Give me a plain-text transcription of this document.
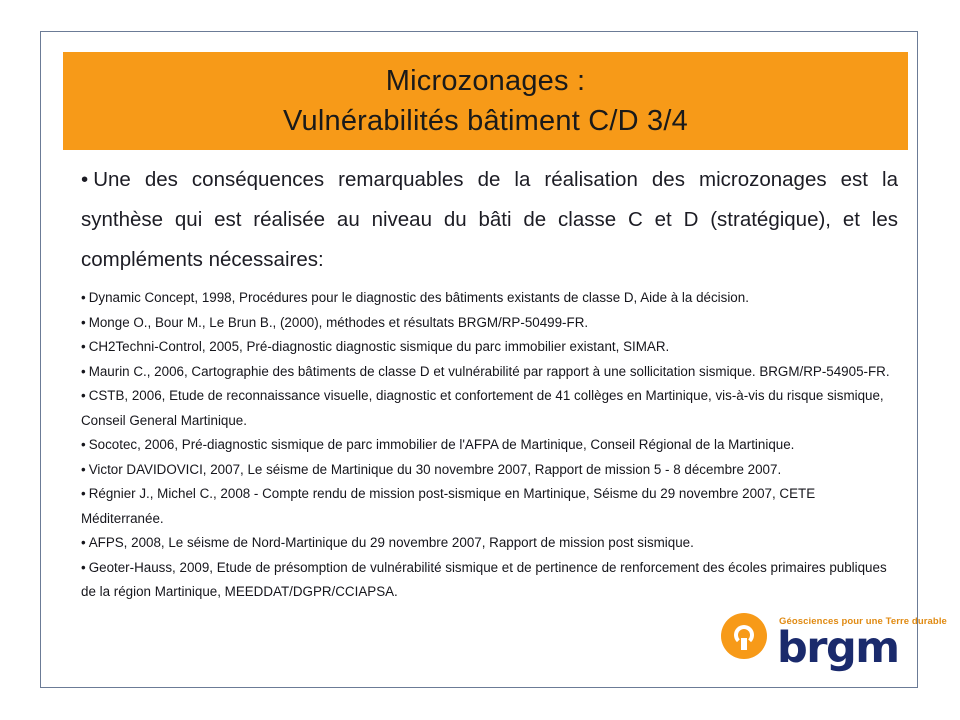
Microzonages :
Vulnérabilités bâtiment C/D 3/4

• Une des conséquences remarquables de la réalisation des microzonages est la synthèse qui est réalisée au niveau du bâti de classe C et D (stratégique), et les compléments nécessaires:

• Dynamic Concept, 1998, Procédures pour le diagnostic des bâtiments existants de classe D, Aide à la décision.

• Monge O., Bour M., Le Brun B., (2000), méthodes et résultats BRGM/RP-50499-FR.

• CH2Techni-Control, 2005, Pré-diagnostic diagnostic sismique du parc immobilier existant, SIMAR.

• Maurin C., 2006, Cartographie des bâtiments de classe D et vulnérabilité par rapport à une sollicitation sismique. BRGM/RP-54905-FR.

• CSTB, 2006, Etude de reconnaissance visuelle, diagnostic et confortement de 41 collèges en Martinique, vis-à-vis du risque sismique, Conseil General Martinique.

• Socotec, 2006, Pré-diagnostic sismique de parc immobilier de l'AFPA de Martinique, Conseil Régional de la Martinique.

• Victor DAVIDOVICI, 2007, Le séisme de Martinique du 30 novembre 2007, Rapport de mission 5 - 8 décembre 2007.

• Régnier J., Michel C., 2008 - Compte rendu de mission post-sismique en Martinique, Séisme du 29 novembre 2007, CETE Méditerranée.

• AFPS, 2008, Le séisme de Nord-Martinique du 29 novembre 2007, Rapport de mission post sismique.

• Geoter-Hauss, 2009, Etude de présomption de vulnérabilité sismique et de pertinence de renforcement des écoles primaires publiques de la région Martinique, MEEDDAT/DGPR/CCIAPSA.

Géosciences pour une Terre durable
brgm
